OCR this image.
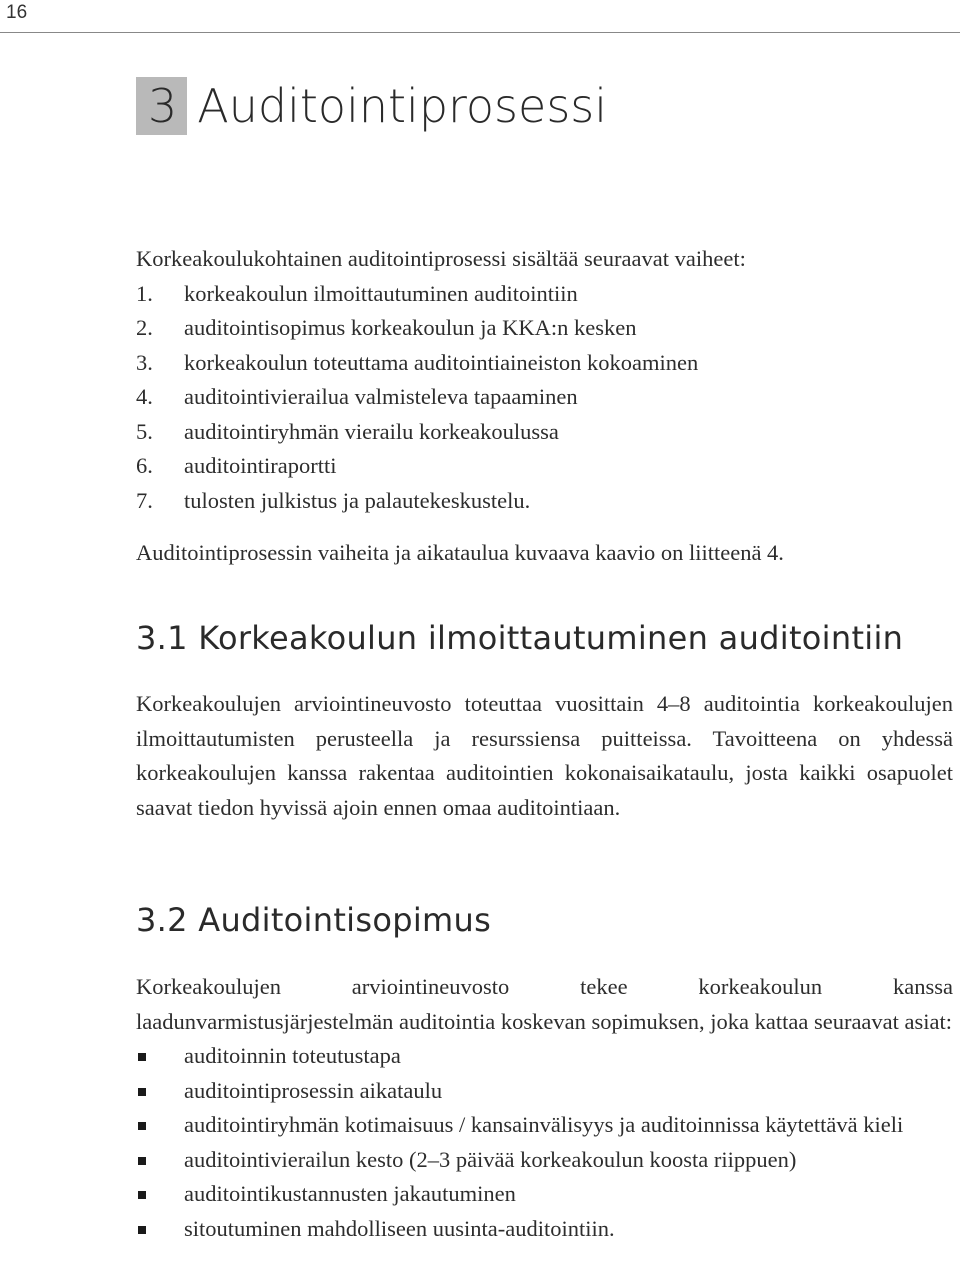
16
3 Auditointiprosessi
Korkeakoulukohtainen auditointiprosessi sisältää seuraavat vaiheet:
1.	korkeakoulun ilmoittautuminen auditointiin
2.	auditointisopimus korkeakoulun ja KKA:n kesken
3.	korkeakoulun toteuttama auditointiaineiston kokoaminen
4.	auditointivierailua valmisteleva tapaaminen
5.	auditointiryhmän vierailu korkeakoulussa
6.	auditointiraportti
7.	tulosten julkistus ja palautekeskustelu.
Auditointiprosessin vaiheita ja aikataulua kuvaava kaavio on liitteenä 4.
3.1 Korkeakoulun ilmoittautuminen auditointiin
Korkeakoulujen arviointineuvosto toteuttaa vuosittain 4–8 auditointia korkeakoulujen ilmoittautumisten perusteella ja resurssiensa puitteissa. Tavoitteena on yhdessä korkeakoulujen kanssa rakentaa auditointien kokonaisaikataulu, josta kaikki osapuolet saavat tiedon hyvissä ajoin ennen omaa auditointiaan.
3.2 Auditointisopimus
Korkeakoulujen arviointineuvosto tekee korkeakoulun kanssa laadunvarmistusjärjestelmän auditointia koskevan sopimuksen, joka kattaa seuraavat asiat:
auditoinnin toteutustapa
auditointiprosessin aikataulu
auditointiryhmän kotimaisuus / kansainvälisyys ja auditoinnissa käytettävä kieli
auditointivierailun kesto (2–3 päivää korkeakoulun koosta riippuen)
auditointikustannusten jakautuminen
sitoutuminen mahdolliseen uusinta-auditointiin.
